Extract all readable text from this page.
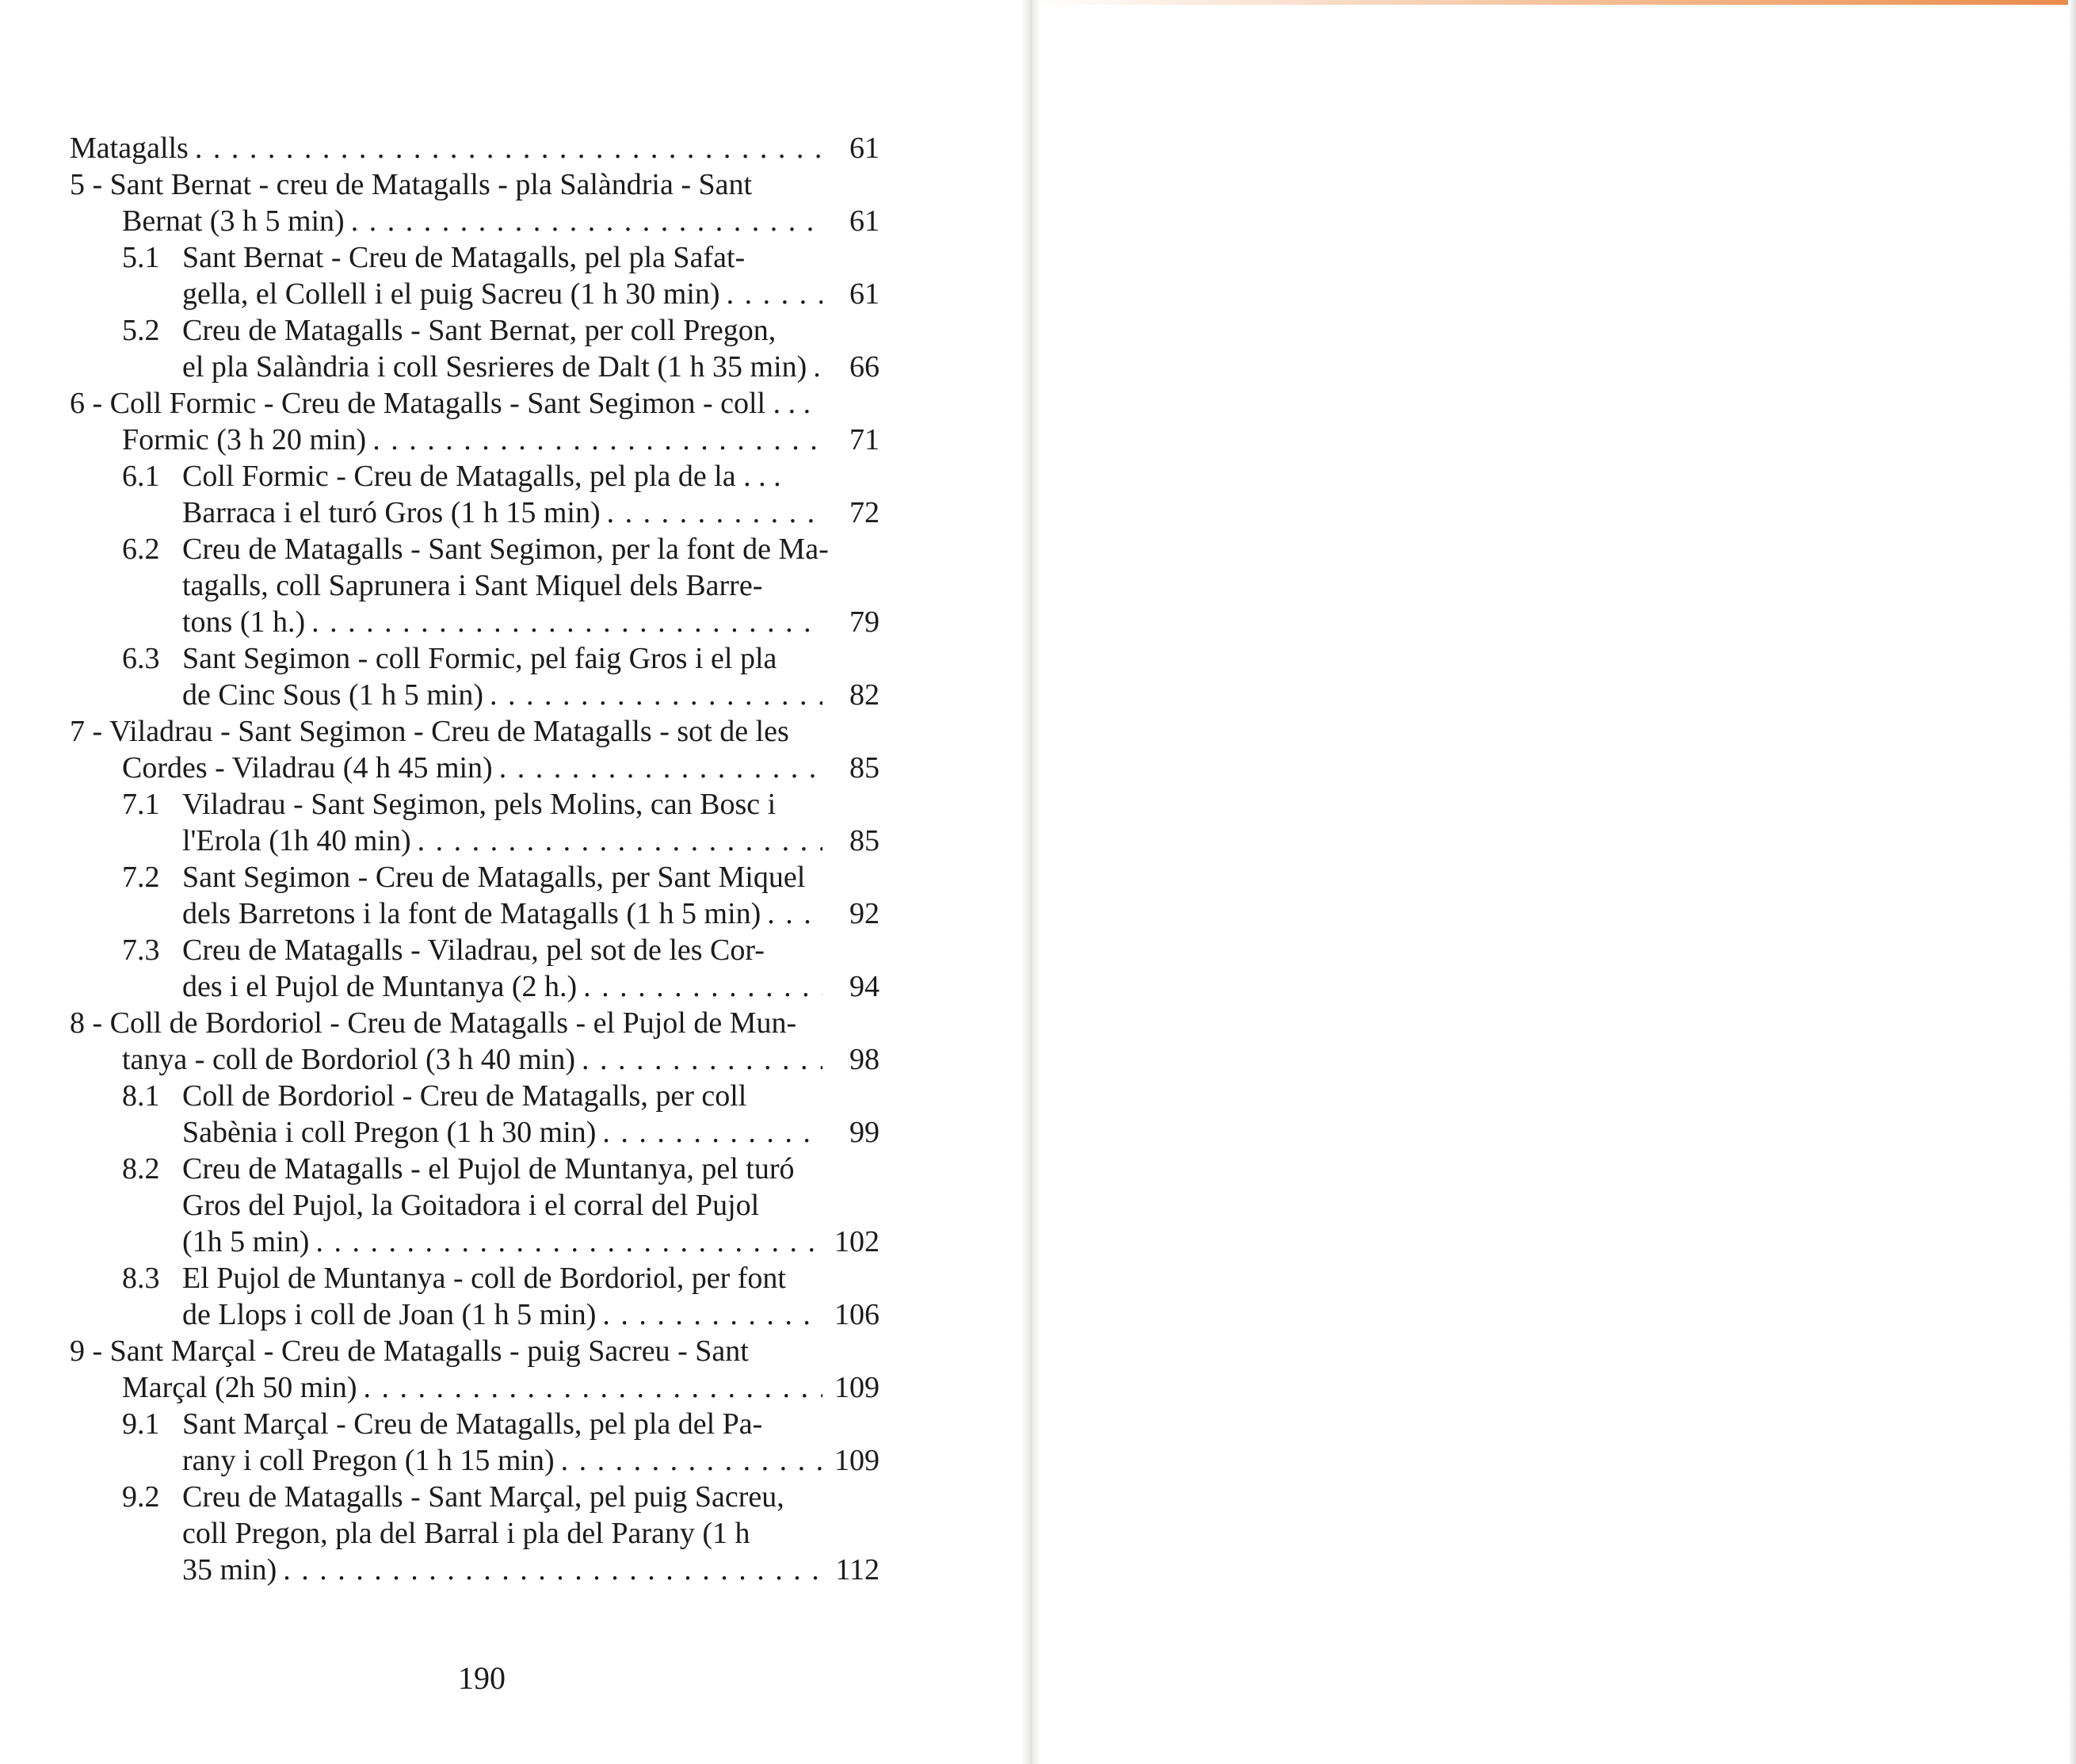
Matagalls . . .	61
5 - Sant Bernat - creu de Matagalls - pla Salàndria - Sant
Bernat (3 h 5 min) . . .	61
5.1 Sant Bernat - Creu de Matagalls, pel pla Safat-
gella, el Collell i el puig Sacreu (1 h 30 min) . . .	61
5.2 Creu de Matagalls - Sant Bernat, per coll Pregon,
el pla Salàndria i coll Sesrieres de Dalt (1 h 35 min) . . .	66
6 - Coll Formic - Creu de Matagalls - Sant Segimon - coll . . .
Formic (3 h 20 min) . . .	71
6.1 Coll Formic - Creu de Matagalls, pel pla de la . . .
Barraca i el turó Gros (1 h 15 min) . . .	72
6.2 Creu de Matagalls - Sant Segimon, per la font de Ma-
tagalls, coll Saprunera i Sant Miquel dels Barre-
tons (1 h.) . . .	79
6.3 Sant Segimon - coll Formic, pel faig Gros i el pla
de Cinc Sous (1 h 5 min) . . .	82
7 - Viladrau - Sant Segimon - Creu de Matagalls - sot de les
Cordes - Viladrau (4 h 45 min) . . .	85
7.1 Viladrau - Sant Segimon, pels Molins, can Bosc i
l'Erola (1h 40 min) . . .	85
7.2 Sant Segimon - Creu de Matagalls, per Sant Miquel
dels Barretons i la font de Matagalls (1 h 5 min) . . .	92
7.3 Creu de Matagalls - Viladrau, pel sot de les Cor-
des i el Pujol de Muntanya (2 h.) . . .	94
8 - Coll de Bordoriol - Creu de Matagalls - el Pujol de Mun-
tanya - coll de Bordoriol (3 h 40 min) . . .	98
8.1 Coll de Bordoriol - Creu de Matagalls, per coll
Sabènia i coll Pregon (1 h 30 min) . . .	99
8.2 Creu de Matagalls - el Pujol de Muntanya, pel turó
Gros del Pujol, la Goitadora i el corral del Pujol
(1h 5 min) . . .	102
8.3 El Pujol de Muntanya - coll de Bordoriol, per font
de Llops i coll de Joan (1 h 5 min) . . .	106
9 - Sant Marçal - Creu de Matagalls - puig Sacreu - Sant
Marçal (2h 50 min) . . .	109
9.1 Sant Marçal - Creu de Matagalls, pel pla del Pa-
rany i coll Pregon (1 h 15 min) . . .	109
9.2 Creu de Matagalls - Sant Marçal, pel puig Sacreu,
coll Pregon, pla del Barral i pla del Parany (1 h
35 min) . . .	112
190
